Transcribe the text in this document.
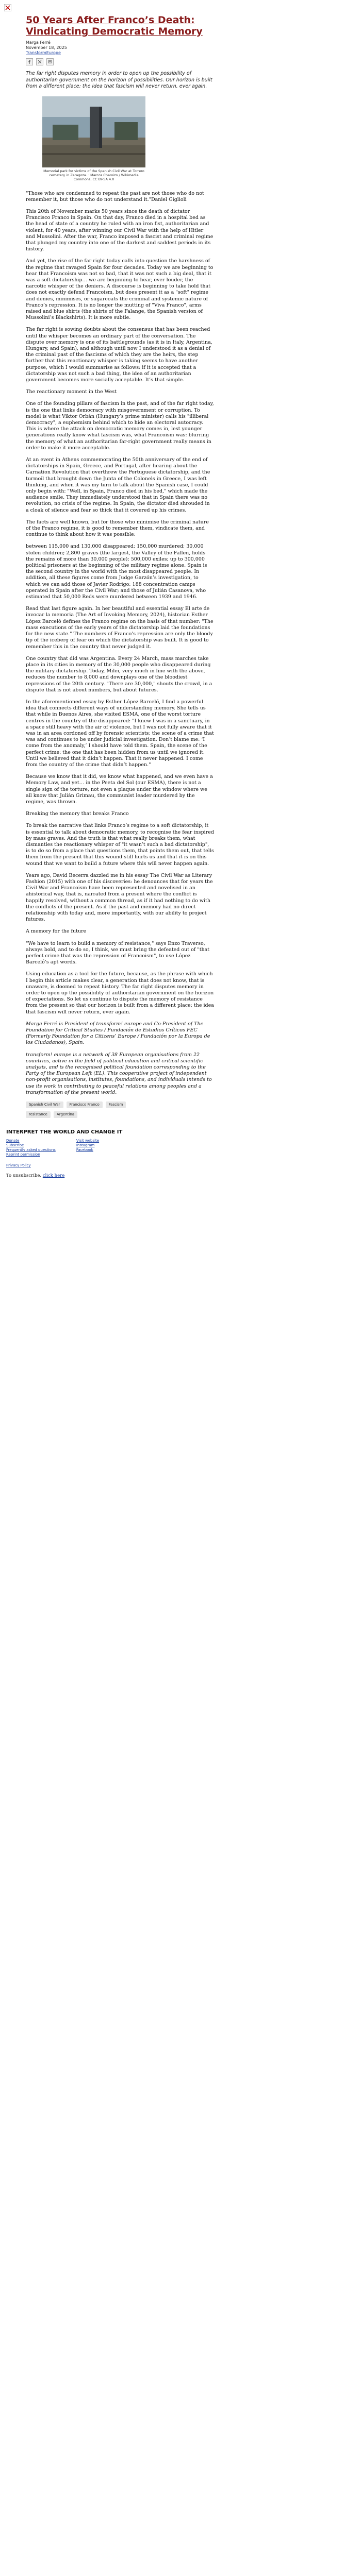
50 Years After Franco’s Death: Vindicating Democratic Memory
Marga Ferré
November 18, 2025
TransformEurope

The far right disputes memory in order to open up the possibility of authoritarian government on the horizon of possibilities. Our horizon is built from a different place: the idea that fascism will never return, ever again.

Memorial park for victims of the Spanish Civil War at Torrero cemetery in Zaragoza. · Marcos Chamizo / Wikimedia Commons, CC BY-SA 4.0

"Those who are condemned to repeat the past are not those who do not remember it, but those who do not understand it."Daniel Giglioli

This 20th of November marks 50 years since the death of dictator Francisco Franco in Spain. On that day, Franco died in a hospital bed as the head of state of a country he ruled with an iron fist, authoritarian and violent, for 40 years, after winning our Civil War with the help of Hitler and Mussolini. After the war, Franco imposed a fascist and criminal regime that plunged my country into one of the darkest and saddest periods in its history.

And yet, the rise of the far right today calls into question the harshness of the regime that ravaged Spain for four decades. Today we are beginning to hear that Francoism was not so bad, that it was not such a big deal, that it was a soft dictatorship… we are beginning to hear, ever louder, the narcotic whisper of the deniers. A discourse is beginning to take hold that does not exactly defend Francoism, but does present it as a "soft" regime and denies, minimises, or sugarcoats the criminal and systemic nature of Franco’s repression. It is no longer the mutting of "Viva Franco", arms raised and blue shirts (the shirts of the Falange, the Spanish version of Mussolini’s Blackshirts). It is more subtle.

The far right is sowing doubts about the consensus that has been reached until the whisper becomes an ordinary part of the conversation. The dispute over memory is one of its battlegrounds (as it is in Italy, Argentina, Hungary, and Spain), and although until now I understood it as a denial of the criminal past of the fascisms of which they are the heirs, the step further that this reactionary whisper is taking seems to have another purpose, which I would summarise as follows: if it is accepted that a dictatorship was not such a bad thing, the idea of an authoritarian government becomes more socially acceptable. It’s that simple.

The reactionary moment in the West

One of the founding pillars of fascism in the past, and of the far right today, is the one that links democracy with misgovernment or corruption. To model is what Viktor Orbán (Hungary’s prime minister) calls his "illiberal democracy", a euphemism behind which to hide an electoral autocracy. This is where the attack on democratic memory comes in, lest younger generations really know what fascism was, what Francoism was: blurring the memory of what an authoritarian far-right government really means in order to make it more acceptable.

At an event in Athens commemorating the 50th anniversary of the end of dictatorships in Spain, Greece, and Portugal, after hearing about the Carnation Revolution that overthrew the Portuguese dictatorship, and the turmoil that brought down the Junta of the Colonels in Greece, I was left thinking, and when it was my turn to talk about the Spanish case, I could only begin with: "Well, in Spain, Franco died in his bed," which made the audience smile. They immediately understood that in Spain there was no revolution, no crisis of the regime. In Spain, the dictator died shrouded in a cloak of silence and fear so thick that it covered up his crimes.

The facts are well known, but for those who minimise the criminal nature of the Franco regime, it is good to remember them, vindicate them, and continue to think about how it was possible:

between 115,000 and 130,000 disappeared; 150,000 murdered; 30,000 stolen children; 2,800 graves (the largest, the Valley of the Fallen, holds the remains of more than 30,000 people); 500,000 exiles; up to 300,000 political prisoners at the beginning of the military regime alone. Spain is the second country in the world with the most disappeared people. In addition, all these figures come from Judge Garzón’s investigation, to which we can add those of Javier Rodrigo: 188 concentration camps operated in Spain after the Civil War; and those of Julián Casanova, who estimated that 50,000 Reds were murdered between 1939 and 1946.

Read that last figure again. In her beautiful and essential essay El arte de invocar la memoria (The Art of Invoking Memory, 2024), historian Esther López Barceló defines the Franco regime on the basis of that number: "The mass executions of the early years of the dictatorship laid the foundations for the new state." The numbers of Franco’s repression are only the bloody tip of the iceberg of fear on which the dictatorship was built. It is good to remember this in the country that never judged it.

One country that did was Argentina. Every 24 March, mass marches take place in its cities in memory of the 30,000 people who disappeared during the military dictatorship. Today, Milei, very much in line with the above, reduces the number to 8,000 and downplays one of the bloodiest repressions of the 20th century. "There are 30,000," shouts the crowd, in a dispute that is not about numbers, but about futures.

In the aforementioned essay by Esther López Barceló, I find a powerful idea that connects different ways of understanding memory. She tells us that while in Buenos Aires, she visited ESMA, one of the worst torture centres in the country of the disappeared: "I knew I was in a sanctuary, in a space still heavy with the air of violence, but I was not fully aware that it was in an area cordoned off by forensic scientists: the scene of a crime that was and continues to be under judicial investigation. Don’t blame me: ‘I come from the anomaly,’ I should have told them. Spain, the scene of the perfect crime: the one that has been hidden from us until we ignored it. Until we believed that it didn’t happen. That it never happened. I come from the country of the crime that didn’t happen."

Because we know that it did, we know what happened, and we even have a Memory Law, and yet… in the Peeta del Sol (our ESMA), there is not a single sign of the torture, not even a plaque under the window where we all know that Julián Grimau, the communist leader murdered by the regime, was thrown.

Breaking the memory that breaks Franco

To break the narrative that links Franco’s regime to a soft dictatorship, it is essential to talk about democratic memory, to recognise the fear inspired by mass graves. And the truth is that what really breaks them, what dismantles the reactionary whisper of "it wasn’t such a bad dictatorship", is to do so from a place that questions them, that points them out, that tells them from the present that this wound still hurts us and that it is on this wound that we want to build a future where this will never happen again.

Years ago, David Becerra dazzled me in his essay The Civil War as Literary Fashion (2015) with one of his discoveries: he denounces that for years the Civil War and Francoism have been represented and novelised in an ahistorical way, that is, narrated from a present where the conflict is happily resolved, without a common thread, as if it had nothing to do with the conflicts of the present. As if the past and memory had no direct relationship with today and, more importantly, with our ability to project futures.

A memory for the future

"We have to learn to build a memory of resistance," says Enzo Traverso, always bold, and to do so, I think, we must bring the defeated out of "that perfect crime that was the repression of Francoism", to use López Barceló’s apt words.

Using education as a tool for the future, because, as the phrase with which I begin this article makes clear, a generation that does not know, that is unaware, is doomed to repeat history. The far right disputes memory in order to open up the possibility of authoritarian government on the horizon of expectations. So let us continue to dispute the memory of resistance from the present so that our horizon is built from a different place: the idea that fascism will never return, ever again.

Marga Ferré is President of transform! europe and Co-President of The Foundation for Critical Studies / Fundación de Estudios Críticos FEC (Formerly Foundation for a Citizens’ Europe / Fundación por la Europa de los Ciudadanos), Spain.

transform! europe is a network of 38 European organisations from 22 countries, active in the field of political education and critical scientific analysis, and is the recognised political foundation corresponding to the Party of the European Left (EL). This cooperative project of independent non-profit organisations, institutes, foundations, and individuals intends to use its work in contributing to peaceful relations among peoples and a transformation of the present world.

Spanish Civil War	Francisco Franco	Fascism
resistance	Argentina
INTERPRET THE WORLD AND CHANGE IT
Donate
Subscribe
Frequently asked questions
Reprint permission
Visit website
Instagram
Facebook
Privacy Policy
To unsubscribe, click here
